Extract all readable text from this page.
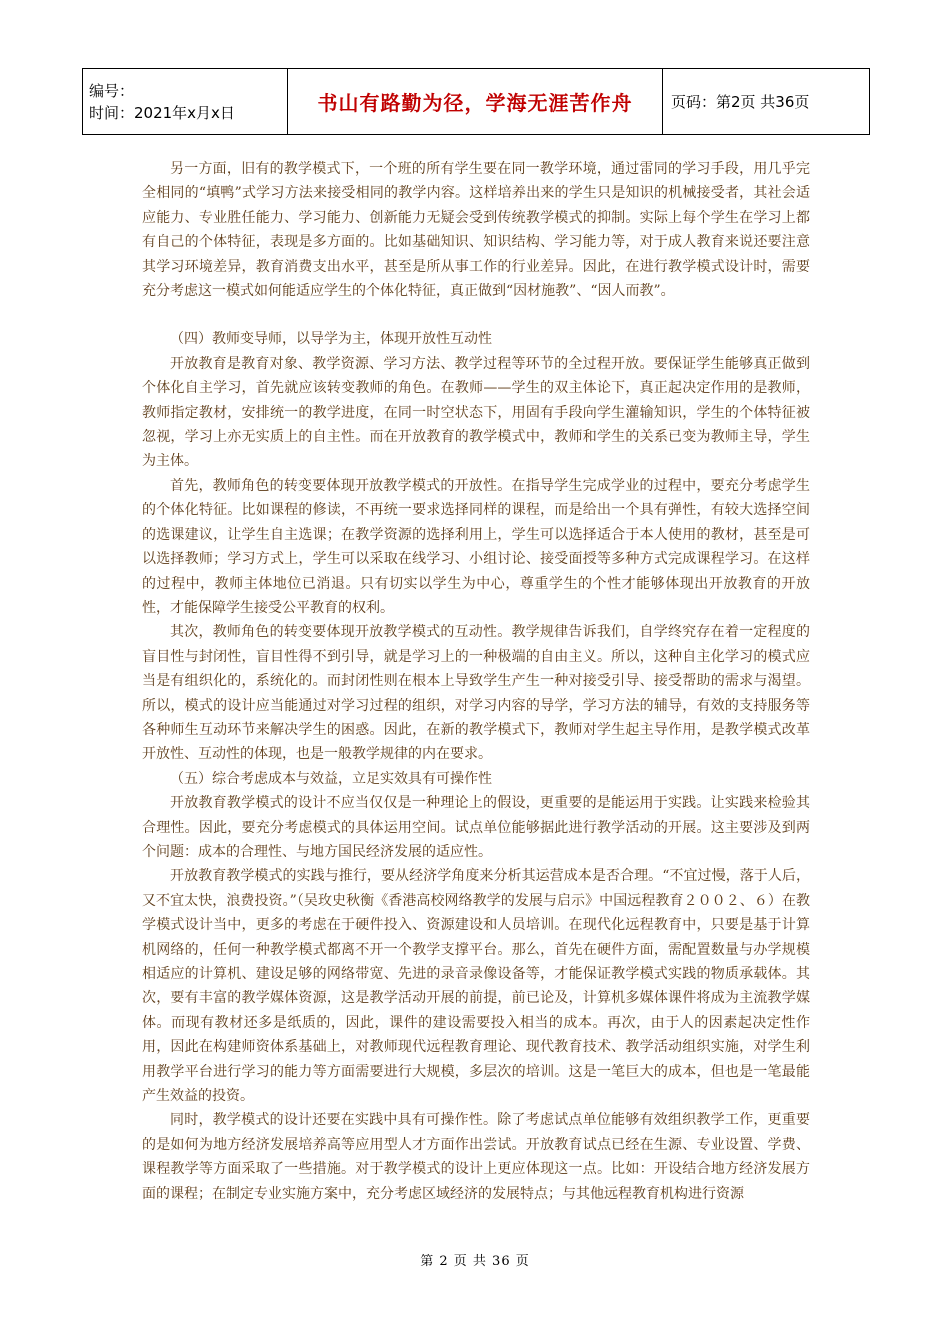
编号：
时间：2021年x月x日	书山有路勤为径，学海无涯苦作舟	页码：第2页 共36页

另一方面，旧有的教学模式下，一个班的所有学生要在同一教学环境，通过雷同的学习手段，用几乎完全相同的“填鸭”式学习方法来接受相同的教学内容。这样培养出来的学生只是知识的机械接受者，其社会适应能力、专业胜任能力、学习能力、创新能力无疑会受到传统教学模式的抑制。实际上每个学生在学习上都有自己的个体特征，表现是多方面的。比如基础知识、知识结构、学习能力等，对于成人教育来说还要注意其学习环境差异，教育消费支出水平，甚至是所从事工作的行业差异。因此，在进行教学模式设计时，需要充分考虑这一模式如何能适应学生的个体化特征，真正做到“因材施教”、“因人而教”。

（四）教师变导师，以导学为主，体现开放性互动性

开放教育是教育对象、教学资源、学习方法、教学过程等环节的全过程开放。要保证学生能够真正做到个体化自主学习，首先就应该转变教师的角色。在教师——学生的双主体论下，真正起决定作用的是教师，教师指定教材，安排统一的教学进度，在同一时空状态下，用固有手段向学生灌输知识，学生的个体特征被忽视，学习上亦无实质上的自主性。而在开放教育的教学模式中，教师和学生的关系已变为教师主导，学生为主体。

首先，教师角色的转变要体现开放教学模式的开放性。在指导学生完成学业的过程中，要充分考虑学生的个体化特征。比如课程的修读，不再统一要求选择同样的课程，而是给出一个具有弹性，有较大选择空间的选课建议，让学生自主选课；在教学资源的选择利用上，学生可以选择适合于本人使用的教材，甚至是可以选择教师；学习方式上，学生可以采取在线学习、小组讨论、接受面授等多种方式完成课程学习。在这样的过程中，教师主体地位已消退。只有切实以学生为中心，尊重学生的个性才能够体现出开放教育的开放性，才能保障学生接受公平教育的权利。

其次，教师角色的转变要体现开放教学模式的互动性。教学规律告诉我们，自学终究存在着一定程度的盲目性与封闭性，盲目性得不到引导，就是学习上的一种极端的自由主义。所以，这种自主化学习的模式应当是有组织化的，系统化的。而封闭性则在根本上导致学生产生一种对接受引导、接受帮助的需求与渴望。所以，模式的设计应当能通过对学习过程的组织，对学习内容的导学，学习方法的辅导，有效的支持服务等各种师生互动环节来解决学生的困惑。因此，在新的教学模式下，教师对学生起主导作用，是教学模式改革开放性、互动性的体现，也是一般教学规律的内在要求。

（五）综合考虑成本与效益，立足实效具有可操作性

开放教育教学模式的设计不应当仅仅是一种理论上的假设，更重要的是能运用于实践。让实践来检验其合理性。因此，要充分考虑模式的具体运用空间。试点单位能够据此进行教学活动的开展。这主要涉及到两个问题：成本的合理性、与地方国民经济发展的适应性。

开放教育教学模式的实践与推行，要从经济学角度来分析其运营成本是否合理。“不宜过慢，落于人后，又不宜太快，浪费投资。”（吴玫史秋衡《香港高校网络教学的发展与启示》中国远程教育２００２、６）在教学模式设计当中，更多的考虑在于硬件投入、资源建设和人员培训。在现代化远程教育中，只要是基于计算机网络的，任何一种教学模式都离不开一个教学支撑平台。那么，首先在硬件方面，需配置数量与办学规模相适应的计算机、建设足够的网络带宽、先进的录音录像设备等，才能保证教学模式实践的物质承载体。其次，要有丰富的教学媒体资源，这是教学活动开展的前提，前已论及，计算机多媒体课件将成为主流教学媒体。而现有教材还多是纸质的，因此，课件的建设需要投入相当的成本。再次，由于人的因素起决定性作用，因此在构建师资体系基础上，对教师现代远程教育理论、现代教育技术、教学活动组织实施，对学生利用教学平台进行学习的能力等方面需要进行大规模，多层次的培训。这是一笔巨大的成本，但也是一笔最能产生效益的投资。

同时，教学模式的设计还要在实践中具有可操作性。除了考虑试点单位能够有效组织教学工作，更重要的是如何为地方经济发展培养高等应用型人才方面作出尝试。开放教育试点已经在生源、专业设置、学费、课程教学等方面采取了一些措施。对于教学模式的设计上更应体现这一点。比如：开设结合地方经济发展方面的课程；在制定专业实施方案中，充分考虑区域经济的发展特点；与其他远程教育机构进行资源

第 2 页 共 36 页
